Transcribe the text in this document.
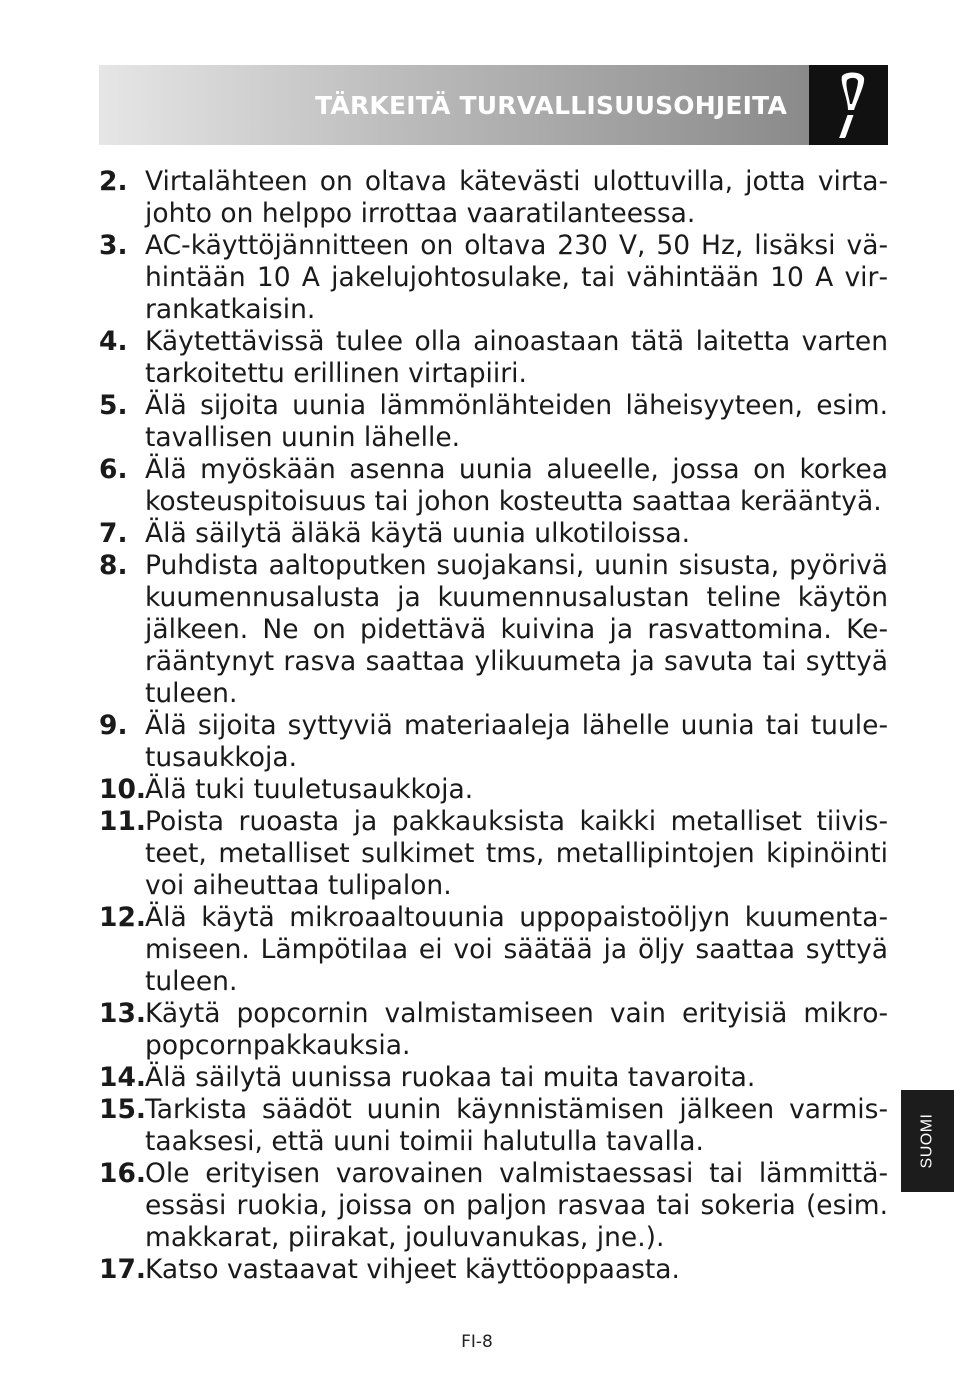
TÄRKEITÄ TURVALLISUUSOHJEITA
2. Virtalähteen on oltava kätevästi ulottuvilla, jotta virtajohto on helppo irrottaa vaaratilanteessa.
3. AC-käyttöjännitteen on oltava 230 V, 50 Hz, lisäksi vähintään 10 A jakelujohtosulake, tai vähintään 10 A virrankatkaisin.
4. Käytettävissä tulee olla ainoastaan tätä laitetta varten tarkoitettu erillinen virtapiiri.
5. Älä sijoita uunia lämmönlähteiden läheisyyteen, esim. tavallisen uunin lähelle.
6. Älä myöskään asenna uunia alueelle, jossa on korkea kosteuspitoisuus tai johon kosteutta saattaa kerääntyä.
7. Älä säilytä äläkä käytä uunia ulkotiloissa.
8. Puhdista aaltoputken suojakansi, uunin sisusta, pyörivä kuumennusalusta ja kuumennusalustan teline käytön jälkeen. Ne on pidettävä kuivina ja rasvattomina. Kerääntynyt rasva saattaa ylikuumeta ja savuta tai syttyä tuleen.
9. Älä sijoita syttyviä materiaaleja lähelle uunia tai tuuletusaukkoja.
10. Älä tuki tuuletusaukkoja.
11. Poista ruoasta ja pakkauksista kaikki metalliset tiivisteet, metalliset sulkimet tms, metallipintojen kipinöinti voi aiheuttaa tulipalon.
12. Älä käytä mikroaaltouunia uppopaistoöljyn kuumentamiseen. Lämpötilaa ei voi säätää ja öljy saattaa syttyä tuleen.
13. Käytä popcornin valmistamiseen vain erityisiä mikropopcornpakkauksia.
14. Älä säilytä uunissa ruokaa tai muita tavaroita.
15. Tarkista säädöt uunin käynnistämisen jälkeen varmistaaksesi, että uuni toimii halutulla tavalla.
16. Ole erityisen varovainen valmistaessasi tai lämmittäessäsi ruokia, joissa on paljon rasvaa tai sokeria (esim. makkarat, piirakat, jouluvanukas, jne.).
17. Katso vastaavat vihjeet käyttöoppaasta.
SUOMI
FI-8
